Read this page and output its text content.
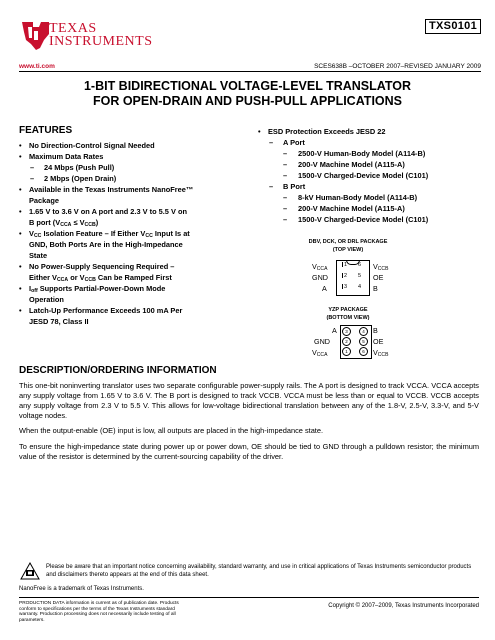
TEXAS
INSTRUMENTS
TXS0101
www.ti.com	SCES638B –OCTOBER 2007–REVISED JANUARY 2009
1-BIT BIDIRECTIONAL VOLTAGE-LEVEL TRANSLATOR
FOR OPEN-DRAIN AND PUSH-PULL APPLICATIONS
FEATURES
• No Direction-Control Signal Needed
• Maximum Data Rates
– 24 Mbps (Push Pull)
– 2 Mbps (Open Drain)
• Available in the Texas Instruments NanoFree™
Package
• 1.65 V to 3.6 V on A port and 2.3 V to 5.5 V on
B port $(V_{CCA} \le V_{CCB})$
• $V_{CC}$ Isolation Feature – If Either $V_{CC}$ Input Is at
GND, Both Ports Are in the High-Impedance
State
• No Power-Supply Sequencing Required –
Either $V_{CCA}$ or $V_{CCB}$ Can be Ramped First
• $I_{off}$ Supports Partial-Power-Down Mode
Operation
• Latch-Up Performance Exceeds 100 mA Per
JESD 78, Class II
• ESD Protection Exceeds JESD 22
– A Port
– 2500-V Human-Body Model (A114-B)
– 200-V Machine Model (A115-A)
– 1500-V Charged-Device Model (C101)
– B Port
– 8-kV Human-Body Model (A114-B)
– 200-V Machine Model (A115-A)
– 1500-V Charged-Device Model (C101)
DBV, DCK, OR DRL PACKAGE
(TOP VIEW)
$V_{CCA}$
GND
A
1
2
3
6
5
4
$V_{CCB}$
OE
B
YZP PACKAGE
(BOTTOM VIEW)
A
GND
$V_{CCA}$
3	4
2	5
1	6
B
OE
$V_{CCB}$
DESCRIPTION/ORDERING INFORMATION
This one-bit noninverting translator uses two separate configurable power-supply rails. The A port is designed to track VCCA. VCCA accepts any supply voltage from 1.65 V to 3.6 V. The B port is designed to track VCCB. VCCA must be less than or equal to VCCB. VCCB accepts any supply voltage from 2.3 V to 5.5 V. This allows for low-voltage bidirectional translation between any of the 1.8-V, 2.5-V, 3.3-V, and 5-V voltage nodes.
When the output-enable (OE) input is low, all outputs are placed in the high-impedance state.
To ensure the high-impedance state during power up or power down, OE should be tied to GND through a pulldown resistor; the minimum value of the resistor is determined by the current-sourcing capability of the driver.
Please be aware that an important notice concerning availability, standard warranty, and use in critical applications of Texas Instruments semiconductor products and disclaimers thereto appears at the end of this data sheet.
NanoFree is a trademark of Texas Instruments.
PRODUCTION DATA information is current as of publication date. Products conform to specifications per the terms of the Texas Instruments standard warranty. Production processing does not necessarily include testing of all parameters.
Copyright © 2007–2009, Texas Instruments Incorporated
